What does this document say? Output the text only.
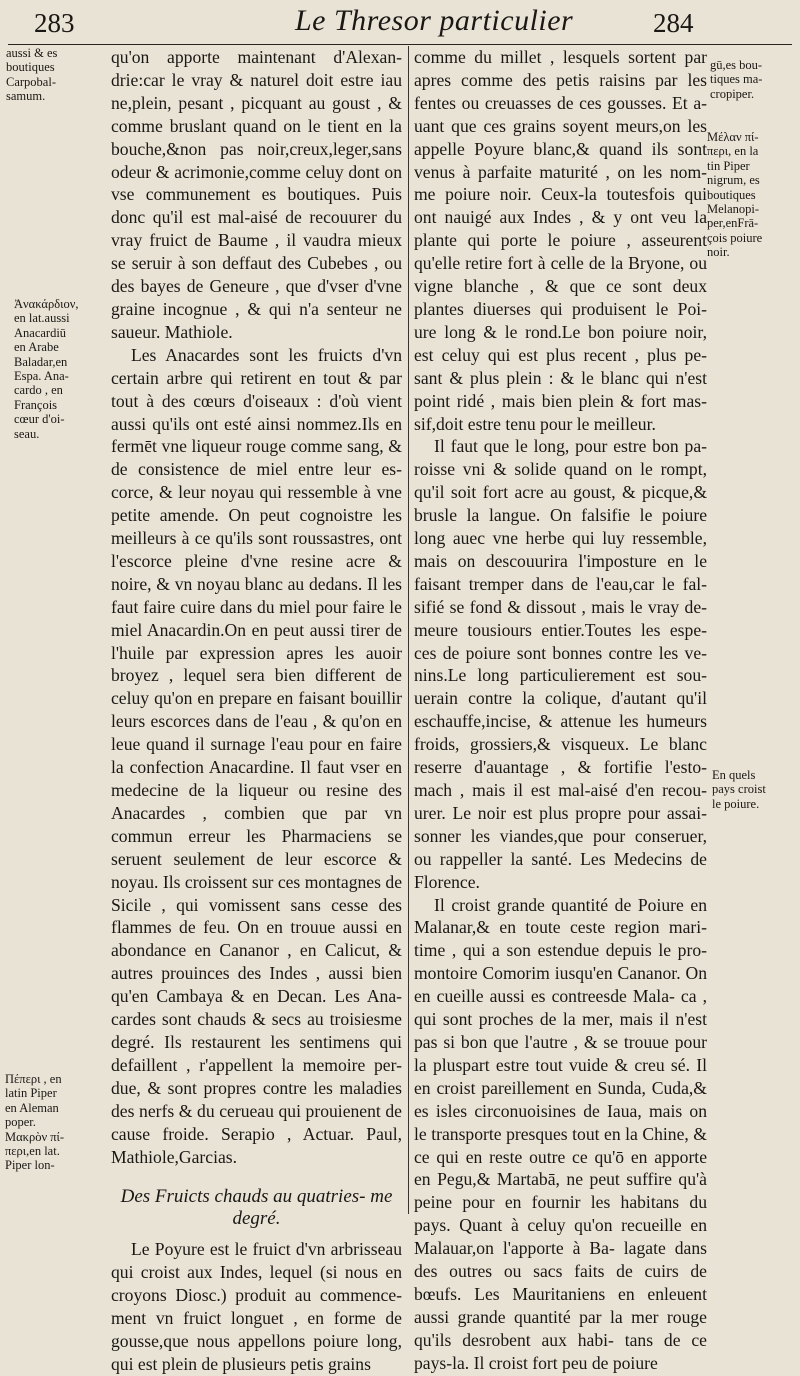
283	Le Thresor particulier	284
aussi & es
boutiques
Carpobal-
samum.
Ἀνακάρδιον,
en lat.aussi
Anacardiū
en Arabe
Baladar,en
Espa. Ana-
cardo , en
François
cœur d'oi-
seau.
Πέπερι , en
latin Piper
en Aleman
poper.
Μακρὸν πί-
περι,en lat.
Piper lon-

qu'on apporte maintenant d'Alexan- drie:car le vray & naturel doit estre iau ne,plein, pesant , picquant au goust , & comme bruslant quand on le tient en la bouche,&non pas noir,creux,leger,sans odeur & acrimonie,comme celuy dont on vse communement es boutiques. Puis donc qu'il est mal-aisé de recouurer du vray fruict de Baume , il vaudra mieux se seruir à son deffaut des Cubebes , ou des bayes de Geneure , que d'vser d'vne graine incognue , & qui n'a senteur ne saueur. Mathiole.

Les Anacardes sont les fruicts d'vn certain arbre qui retirent en tout & par tout à des cœurs d'oiseaux : d'où vient aussi qu'ils ont esté ainsi nommez.Ils en fermēt vne liqueur rouge comme sang, & de consistence de miel entre leur es- corce, & leur noyau qui ressemble à vne petite amende. On peut cognoistre les meilleurs à ce qu'ils sont roussastres, ont l'escorce pleine d'vne resine acre & noire, & vn noyau blanc au dedans. Il les faut faire cuire dans du miel pour faire le miel Anacardin.On en peut aussi tirer de l'huile par expression apres les auoir broyez , lequel sera bien different de celuy qu'on en prepare en faisant bouillir leurs escorces dans de l'eau , & qu'on en leue quand il surnage l'eau pour en faire la confection Anacardine. Il faut vser en medecine de la liqueur ou resine des Anacardes , combien que par vn commun erreur les Pharmaciens se seruent seulement de leur escorce & noyau. Ils croissent sur ces montagnes de Sicile , qui vomissent sans cesse des flammes de feu. On en trouue aussi en abondance en Cananor , en Calicut, & autres prouinces des Indes , aussi bien qu'en Cambaya & en Decan. Les Ana- cardes sont chauds & secs au troisiesme degré. Ils restaurent les sentimens qui defaillent , r'appellent la memoire per- due, & sont propres contre les maladies des nerfs & du cerueau qui prouienent de cause froide. Serapio , Actuar. Paul, Mathiole,Garcias.

Des Fruicts chauds au quatries- me degré.

Le Poyure est le fruict d'vn arbrisseau qui croist aux Indes, lequel (si nous en croyons Diosc.) produit au commence- ment vn fruict longuet , en forme de gousse,que nous appellons poiure long, qui est plein de plusieurs petis grains

comme du millet , lesquels sortent par apres comme des petis raisins par les fentes ou creuasses de ces gousses. Et a- uant que ces grains soyent meurs,on les appelle Poyure blanc,& quand ils sont venus à parfaite maturité , on les nom- me poiure noir. Ceux-la toutesfois qui ont nauigé aux Indes , & y ont veu la plante qui porte le poiure , asseurent qu'elle retire fort à celle de la Bryone, ou vigne blanche , & que ce sont deux plantes diuerses qui produisent le Poi- ure long & le rond.Le bon poiure noir, est celuy qui est plus recent , plus pe- sant & plus plein : & le blanc qui n'est point ridé , mais bien plein & fort mas- sif,doit estre tenu pour le meilleur.

Il faut que le long, pour estre bon pa- roisse vni & solide quand on le rompt, qu'il soit fort acre au goust, & picque,& brusle la langue. On falsifie le poiure long auec vne herbe qui luy ressemble, mais on descouurira l'imposture en le faisant tremper dans de l'eau,car le fal- sifié se fond & dissout , mais le vray de- meure tousiours entier.Toutes les espe- ces de poiure sont bonnes contre les ve- nins.Le long particulierement est sou- uerain contre la colique, d'autant qu'il eschauffe,incise, & attenue les humeurs froids, grossiers,& visqueux. Le blanc reserre d'auantage , & fortifie l'esto- mach , mais il est mal-aisé d'en recou- urer. Le noir est plus propre pour assai- sonner les viandes,que pour conseruer, ou rappeller la santé. Les Medecins de Florence.

Il croist grande quantité de Poiure en Malanar,& en toute ceste region mari- time , qui a son estendue depuis le pro- montoire Comorim iusqu'en Cananor. On en cueille aussi es contreesde Mala- ca , qui sont proches de la mer, mais il n'est pas si bon que l'autre , & se trouue pour la pluspart estre tout vuide & creu sé. Il en croist pareillement en Sunda, Cuda,& es isles circonuoisines de Iaua, mais on le transporte presques tout en la Chine, & ce qui en reste outre ce qu'ō en apporte en Pegu,& Martabā, ne peut suffire qu'à peine pour en fournir les habitans du pays. Quant à celuy qu'on recueille en Malauar,on l'apporte à Ba- lagate dans des outres ou sacs faits de cuirs de bœufs. Les Mauritaniens en enleuent aussi grande quantité par la mer rouge qu'ils desrobent aux habi- tans de ce pays-la. Il croist fort peu de poiure

gū,es bou-
tiques ma-
cropiper.
Μέλαν πί-
περι, en la
tin Piper
nigrum, es
boutiques
Melanopi-
per,enFrā-
çois poiure
noir.
En quels
pays croist
le poiure.
